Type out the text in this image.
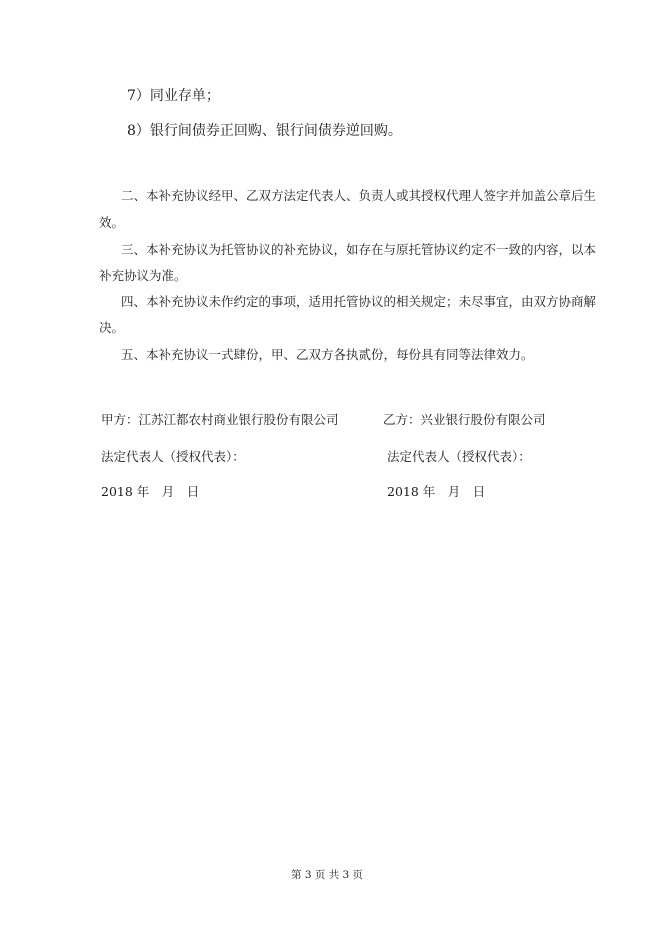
7）同业存单；
8）银行间债券正回购、银行间债券逆回购。
二、本补充协议经甲、乙双方法定代表人、负责人或其授权代理人签字并加盖公章后生
效。
三、本补充协议为托管协议的补充协议，如存在与原托管协议约定不一致的内容，以本
补充协议为准。
四、本补充协议未作约定的事项，适用托管协议的相关规定；未尽事宜，由双方协商解
决。
五、本补充协议一式肆份，甲、乙双方各执贰份，每份具有同等法律效力。
甲方：江苏江都农村商业银行股份有限公司	乙方：兴业银行股份有限公司
法定代表人（授权代表）：	法定代表人（授权代表）：
2018 年　月　日	2018 年　月　日
第 3 页 共 3 页
